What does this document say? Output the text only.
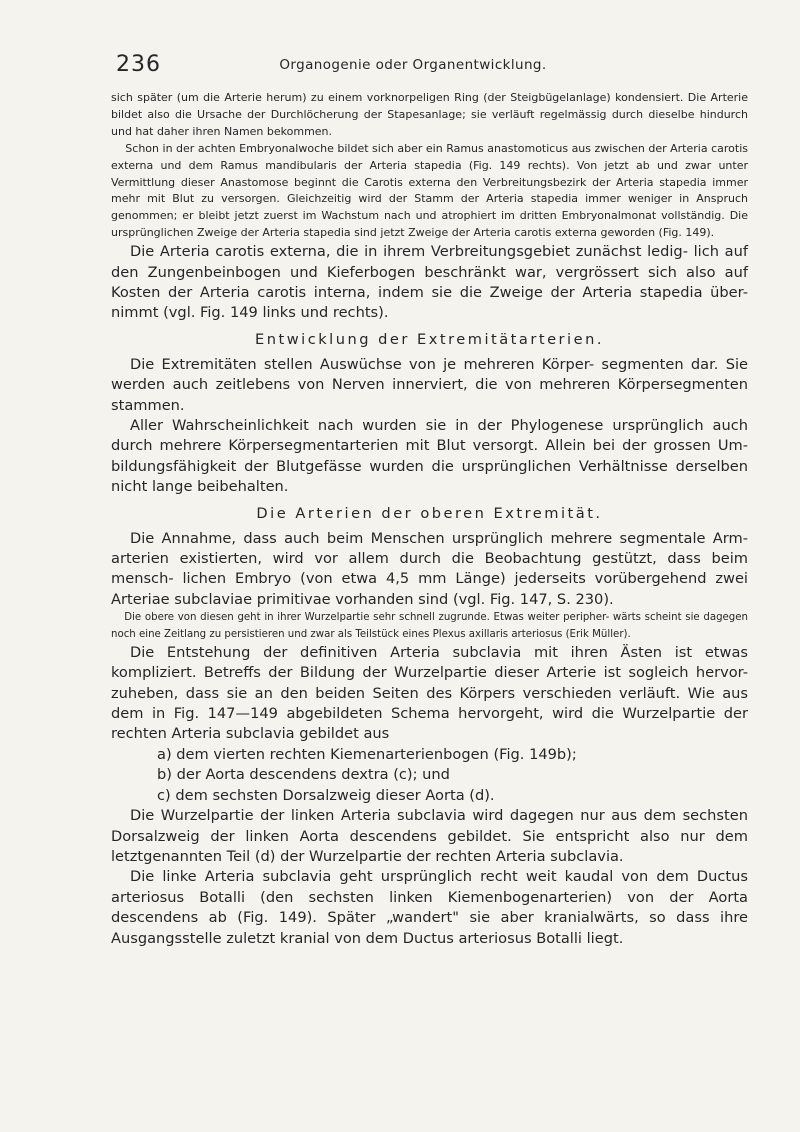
236	Organogenie oder Organentwicklung.

sich später (um die Arterie herum) zu einem vorknorpeligen Ring (der Steigbügelanlage) kondensiert. Die Arterie bildet also die Ursache der Durchlöcherung der Stapesanlage; sie verläuft regelmässig durch dieselbe hindurch und hat daher ihren Namen bekommen.

Schon in der achten Embryonalwoche bildet sich aber ein Ramus anastomoticus aus zwischen der Arteria carotis externa und dem Ramus mandibularis der Arteria stapedia (Fig. 149 rechts). Von jetzt ab und zwar unter Vermittlung dieser Anastomose beginnt die Carotis externa den Verbreitungsbezirk der Arteria stapedia immer mehr mit Blut zu versorgen. Gleichzeitig wird der Stamm der Arteria stapedia immer weniger in Anspruch genommen; er bleibt jetzt zuerst im Wachstum nach und atrophiert im dritten Embryonalmonat vollständig. Die ursprünglichen Zweige der Arteria stapedia sind jetzt Zweige der Arteria carotis externa geworden (Fig. 149).

Die Arteria carotis externa, die in ihrem Verbreitungsgebiet zunächst ledig- lich auf den Zungenbeinbogen und Kieferbogen beschränkt war, vergrössert sich also auf Kosten der Arteria carotis interna, indem sie die Zweige der Arteria stapedia über- nimmt (vgl. Fig. 149 links und rechts).

Entwicklung der Extremitätarterien.

Die Extremitäten stellen Auswüchse von je mehreren Körper- segmenten dar. Sie werden auch zeitlebens von Nerven innerviert, die von mehreren Körpersegmenten stammen.

Aller Wahrscheinlichkeit nach wurden sie in der Phylogenese ursprünglich auch durch mehrere Körpersegmentarterien mit Blut versorgt. Allein bei der grossen Um- bildungsfähigkeit der Blutgefässe wurden die ursprünglichen Verhältnisse derselben nicht lange beibehalten.

Die Arterien der oberen Extremität.

Die Annahme, dass auch beim Menschen ursprünglich mehrere segmentale Arm- arterien existierten, wird vor allem durch die Beobachtung gestützt, dass beim mensch- lichen Embryo (von etwa 4,5 mm Länge) jederseits vorübergehend zwei Arteriae subclaviae primitivae vorhanden sind (vgl. Fig. 147, S. 230).

Die obere von diesen geht in ihrer Wurzelpartie sehr schnell zugrunde. Etwas weiter peripher- wärts scheint sie dagegen noch eine Zeitlang zu persistieren und zwar als Teilstück eines Plexus axillaris arteriosus (Erik Müller).

Die Entstehung der definitiven Arteria subclavia mit ihren Ästen ist etwas kompliziert. Betreffs der Bildung der Wurzelpartie dieser Arterie ist sogleich hervor- zuheben, dass sie an den beiden Seiten des Körpers verschieden verläuft. Wie aus dem in Fig. 147—149 abgebildeten Schema hervorgeht, wird die Wurzelpartie der rechten Arteria subclavia gebildet aus

a) dem vierten rechten Kiemenarterienbogen (Fig. 149b);
b) der Aorta descendens dextra (c); und
c) dem sechsten Dorsalzweig dieser Aorta (d).

Die Wurzelpartie der linken Arteria subclavia wird dagegen nur aus dem sechsten Dorsalzweig der linken Aorta descendens gebildet. Sie entspricht also nur dem letztgenannten Teil (d) der Wurzelpartie der rechten Arteria subclavia.

Die linke Arteria subclavia geht ursprünglich recht weit kaudal von dem Ductus arteriosus Botalli (den sechsten linken Kiemenbogenarterien) von der Aorta descendens ab (Fig. 149). Später „wandert" sie aber kranialwärts, so dass ihre Ausgangsstelle zuletzt kranial von dem Ductus arteriosus Botalli liegt.
